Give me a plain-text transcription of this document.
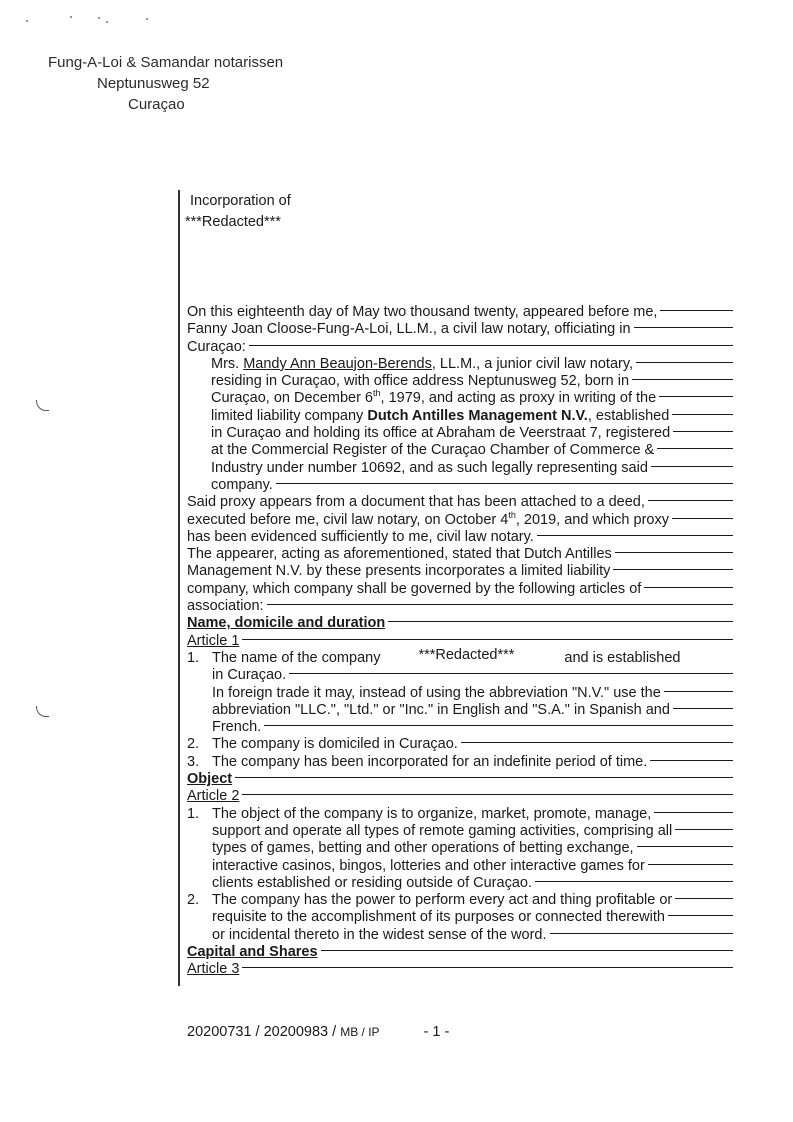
Fung-A-Loi & Samandar notarissen
Neptunusweg 52
Curaçao
Incorporation of
***Redacted***
On this eighteenth day of May two thousand twenty, appeared before me,
Fanny Joan Cloose-Fung-A-Loi, LL.M., a civil law notary, officiating in
Curaçao:
Mrs. Mandy Ann Beaujon-Berends, LL.M., a junior civil law notary,
residing in Curaçao, with office address Neptunusweg 52, born in
Curaçao, on December 6th, 1979, and acting as proxy in writing of the
limited liability company Dutch Antilles Management N.V., established
in Curaçao and holding its office at Abraham de Veerstraat 7, registered
at the Commercial Register of the Curaçao Chamber of Commerce &
Industry under number 10692, and as such legally representing said
company.
Said proxy appears from a document that has been attached to a deed,
executed before me, civil law notary, on October 4th, 2019, and which proxy
has been evidenced sufficiently to me, civil law notary.
The appearer, acting as aforementioned, stated that Dutch Antilles
Management N.V. by these presents incorporates a limited liability
company, which company shall be governed by the following articles of
association:
Name, domicile and duration
Article 1
1. The name of the company	***Redacted***	and is established
in Curaçao.
In foreign trade it may, instead of using the abbreviation "N.V." use the
abbreviation "LLC.", "Ltd." or "Inc." in English and "S.A." in Spanish and
French.
2. The company is domiciled in Curaçao.
3. The company has been incorporated for an indefinite period of time.
Object
Article 2
1. The object of the company is to organize, market, promote, manage,
support and operate all types of remote gaming activities, comprising all
types of games, betting and other operations of betting exchange,
interactive casinos, bingos, lotteries and other interactive games for
clients established or residing outside of Curaçao.
2. The company has the power to perform every act and thing profitable or
requisite to the accomplishment of its purposes or connected therewith
or incidental thereto in the widest sense of the word.
Capital and Shares
Article 3
20200731 / 20200983 / MB / IP	- 1 -
